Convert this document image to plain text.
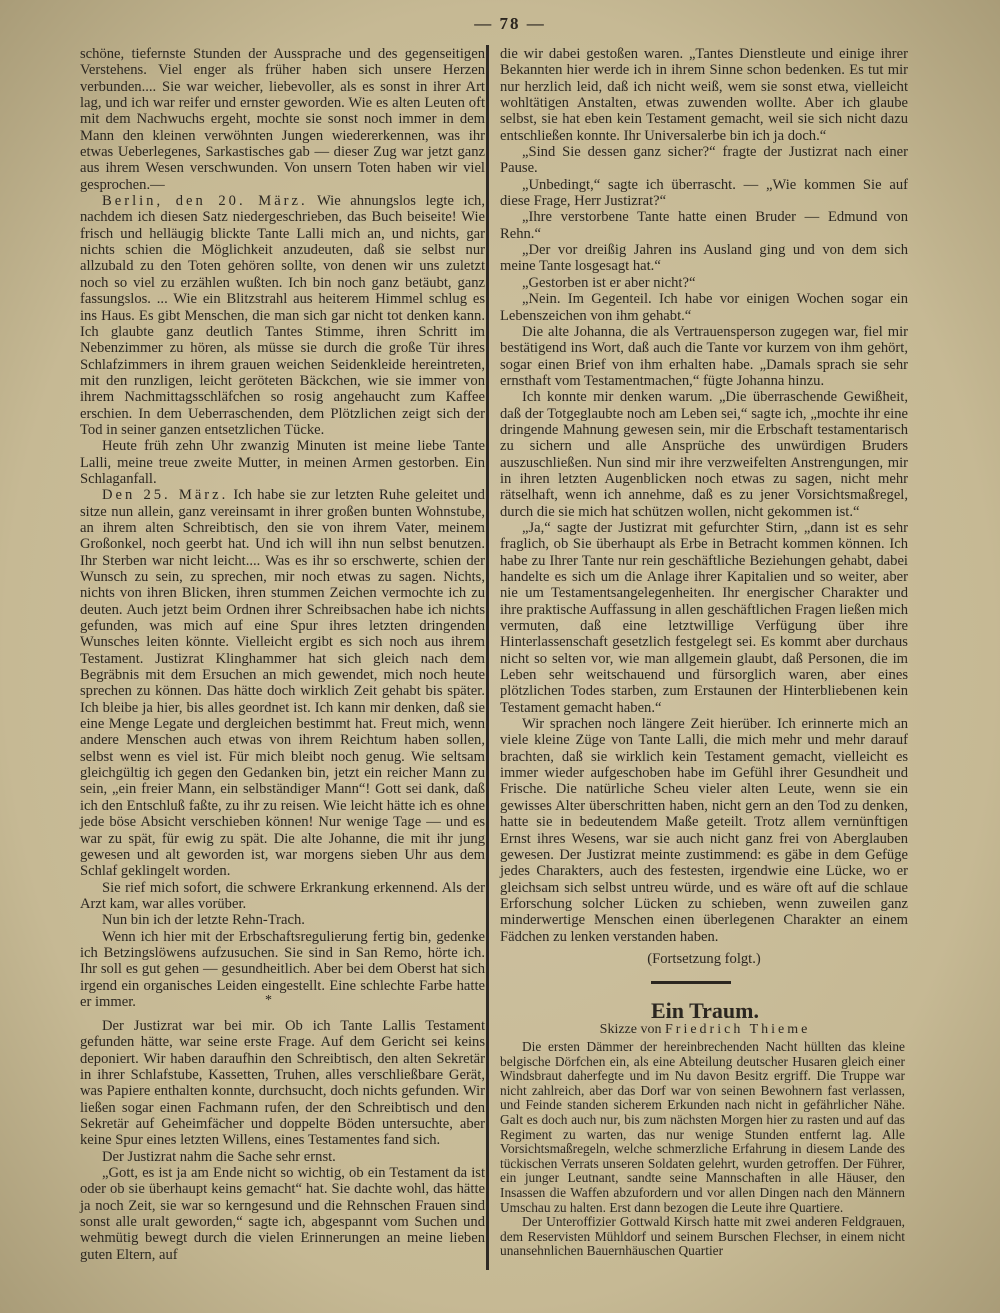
— 78 —

schöne, tiefernste Stunden der Aussprache und des gegenseitigen Verstehens. Viel enger als früher haben sich unsere Herzen verbunden.... Sie war weicher, liebevoller, als es sonst in ihrer Art lag, und ich war reifer und ernster geworden. Wie es alten Leuten oft mit dem Nachwuchs ergeht, mochte sie sonst noch immer in dem Mann den kleinen verwöhnten Jungen wiedererkennen, was ihr etwas Ueberlegenes, Sarkastisches gab — dieser Zug war jetzt ganz aus ihrem Wesen verschwunden. Von unsern Toten haben wir viel gesprochen.—

Berlin, den 20. März. Wie ahnungslos legte ich, nachdem ich diesen Satz niedergeschrieben, das Buch beiseite! Wie frisch und helläugig blickte Tante Lalli mich an, und nichts, gar nichts schien die Möglichkeit anzudeuten, daß sie selbst nur allzubald zu den Toten gehören sollte, von denen wir uns zuletzt noch so viel zu erzählen wußten. Ich bin noch ganz betäubt, ganz fassungslos. ... Wie ein Blitzstrahl aus heiterem Himmel schlug es ins Haus. Es gibt Menschen, die man sich gar nicht tot denken kann. Ich glaubte ganz deutlich Tantes Stimme, ihren Schritt im Nebenzimmer zu hören, als müsse sie durch die große Tür ihres Schlafzimmers in ihrem grauen weichen Seidenkleide hereintreten, mit den runzligen, leicht geröteten Bäckchen, wie sie immer von ihrem Nachmittagsschläfchen so rosig angehaucht zum Kaffee erschien. In dem Ueberraschenden, dem Plötzlichen zeigt sich der Tod in seiner ganzen entsetzlichen Tücke.

Heute früh zehn Uhr zwanzig Minuten ist meine liebe Tante Lalli, meine treue zweite Mutter, in meinen Armen gestorben. Ein Schlaganfall.

Den 25. März. Ich habe sie zur letzten Ruhe geleitet und sitze nun allein, ganz vereinsamt in ihrer großen bunten Wohnstube, an ihrem alten Schreibtisch, den sie von ihrem Vater, meinem Großonkel, noch geerbt hat. Und ich will ihn nun selbst benutzen. Ihr Sterben war nicht leicht.... Was es ihr so erschwerte, schien der Wunsch zu sein, zu sprechen, mir noch etwas zu sagen. Nichts, nichts von ihren Blicken, ihren stummen Zeichen vermochte ich zu deuten. Auch jetzt beim Ordnen ihrer Schreibsachen habe ich nichts gefunden, was mich auf eine Spur ihres letzten dringenden Wunsches leiten könnte. Vielleicht ergibt es sich noch aus ihrem Testament. Justizrat Klinghammer hat sich gleich nach dem Begräbnis mit dem Ersuchen an mich gewendet, mich noch heute sprechen zu können. Das hätte doch wirklich Zeit gehabt bis später. Ich bleibe ja hier, bis alles geordnet ist. Ich kann mir denken, daß sie eine Menge Legate und dergleichen bestimmt hat. Freut mich, wenn andere Menschen auch etwas von ihrem Reichtum haben sollen, selbst wenn es viel ist. Für mich bleibt noch genug. Wie seltsam gleichgültig ich gegen den Gedanken bin, jetzt ein reicher Mann zu sein, „ein freier Mann, ein selbständiger Mann“! Gott sei dank, daß ich den Entschluß faßte, zu ihr zu reisen. Wie leicht hätte ich es ohne jede böse Absicht verschieben können! Nur wenige Tage — und es war zu spät, für ewig zu spät. Die alte Johanne, die mit ihr jung gewesen und alt geworden ist, war morgens sieben Uhr aus dem Schlaf geklingelt worden.

Sie rief mich sofort, die schwere Erkrankung erkennend. Als der Arzt kam, war alles vorüber.

Nun bin ich der letzte Rehn-Trach.

Wenn ich hier mit der Erbschaftsregulierung fertig bin, gedenke ich Betzingslöwens aufzusuchen. Sie sind in San Remo, hörte ich. Ihr soll es gut gehen — gesundheitlich. Aber bei dem Oberst hat sich irgend ein organisches Leiden eingestellt. Eine schlechte Farbe hatte er immer.	*

Der Justizrat war bei mir. Ob ich Tante Lallis Testament gefunden hätte, war seine erste Frage. Auf dem Gericht sei keins deponiert. Wir haben daraufhin den Schreibtisch, den alten Sekretär in ihrer Schlafstube, Kassetten, Truhen, alles verschließbare Gerät, was Papiere enthalten konnte, durchsucht, doch nichts gefunden. Wir ließen sogar einen Fachmann rufen, der den Schreibtisch und den Sekretär auf Geheimfächer und doppelte Böden untersuchte, aber keine Spur eines letzten Willens, eines Testamentes fand sich.

Der Justizrat nahm die Sache sehr ernst.

„Gott, es ist ja am Ende nicht so wichtig, ob ein Testament da ist oder ob sie überhaupt keins gemacht“ hat. Sie dachte wohl, das hätte ja noch Zeit, sie war so kerngesund und die Rehnschen Frauen sind sonst alle uralt geworden,“ sagte ich, abgespannt vom Suchen und wehmütig bewegt durch die vielen Erinnerungen an meine lieben guten Eltern, auf

die wir dabei gestoßen waren. „Tantes Dienstleute und einige ihrer Bekannten hier werde ich in ihrem Sinne schon bedenken. Es tut mir nur herzlich leid, daß ich nicht weiß, wem sie sonst etwa, vielleicht wohltätigen Anstalten, etwas zuwenden wollte. Aber ich glaube selbst, sie hat eben kein Testament gemacht, weil sie sich nicht dazu entschließen konnte. Ihr Universalerbe bin ich ja doch.“

„Sind Sie dessen ganz sicher?“ fragte der Justizrat nach einer Pause.

„Unbedingt,“ sagte ich überrascht. — „Wie kommen Sie auf diese Frage, Herr Justizrat?“

„Ihre verstorbene Tante hatte einen Bruder — Edmund von Rehn.“

„Der vor dreißig Jahren ins Ausland ging und von dem sich meine Tante losgesagt hat.“

„Gestorben ist er aber nicht?“

„Nein. Im Gegenteil. Ich habe vor einigen Wochen sogar ein Lebenszeichen von ihm gehabt.“

Die alte Johanna, die als Vertrauensperson zugegen war, fiel mir bestätigend ins Wort, daß auch die Tante vor kurzem von ihm gehört, sogar einen Brief von ihm erhalten habe. „Damals sprach sie sehr ernsthaft vom Testamentmachen,“ fügte Johanna hinzu.

Ich konnte mir denken warum. „Die überraschende Gewißheit, daß der Totgeglaubte noch am Leben sei,“ sagte ich, „mochte ihr eine dringende Mahnung gewesen sein, mir die Erbschaft testamentarisch zu sichern und alle Ansprüche des unwürdigen Bruders auszuschließen. Nun sind mir ihre verzweifelten Anstrengungen, mir in ihren letzten Augenblicken noch etwas zu sagen, nicht mehr rätselhaft, wenn ich annehme, daß es zu jener Vorsichtsmaßregel, durch die sie mich hat schützen wollen, nicht gekommen ist.“

„Ja,“ sagte der Justizrat mit gefurchter Stirn, „dann ist es sehr fraglich, ob Sie überhaupt als Erbe in Betracht kommen können. Ich habe zu Ihrer Tante nur rein geschäftliche Beziehungen gehabt, dabei handelte es sich um die Anlage ihrer Kapitalien und so weiter, aber nie um Testamentsangelegenheiten. Ihr energischer Charakter und ihre praktische Auffassung in allen geschäftlichen Fragen ließen mich vermuten, daß eine letztwillige Verfügung über ihre Hinterlassenschaft gesetzlich festgelegt sei. Es kommt aber durchaus nicht so selten vor, wie man allgemein glaubt, daß Personen, die im Leben sehr weitschauend und fürsorglich waren, aber eines plötzlichen Todes starben, zum Erstaunen der Hinterbliebenen kein Testament gemacht haben.“

Wir sprachen noch längere Zeit hierüber. Ich erinnerte mich an viele kleine Züge von Tante Lalli, die mich mehr und mehr darauf brachten, daß sie wirklich kein Testament gemacht, vielleicht es immer wieder aufgeschoben habe im Gefühl ihrer Gesundheit und Frische. Die natürliche Scheu vieler alten Leute, wenn sie ein gewisses Alter überschritten haben, nicht gern an den Tod zu denken, hatte sie in bedeutendem Maße geteilt. Trotz allem vernünftigen Ernst ihres Wesens, war sie auch nicht ganz frei von Aberglauben gewesen. Der Justizrat meinte zustimmend: es gäbe in dem Gefüge jedes Charakters, auch des festesten, irgendwie eine Lücke, wo er gleichsam sich selbst untreu würde, und es wäre oft auf die schlaue Erforschung solcher Lücken zu schieben, wenn zuweilen ganz minderwertige Menschen einen überlegenen Charakter an einem Fädchen zu lenken verstanden haben.

(Fortsetzung folgt.)

Ein Traum.
Skizze von Friedrich Thieme

Die ersten Dämmer der hereinbrechenden Nacht hüllten das kleine belgische Dörfchen ein, als eine Abteilung deutscher Husaren gleich einer Windsbraut daherfegte und im Nu davon Besitz ergriff. Die Truppe war nicht zahlreich, aber das Dorf war von seinen Bewohnern fast verlassen, und Feinde standen sicherem Erkunden nach nicht in gefährlicher Nähe. Galt es doch auch nur, bis zum nächsten Morgen hier zu rasten und auf das Regiment zu warten, das nur wenige Stunden entfernt lag. Alle Vorsichtsmaßregeln, welche schmerzliche Erfahrung in diesem Lande des tückischen Verrats unseren Soldaten gelehrt, wurden getroffen. Der Führer, ein junger Leutnant, sandte seine Mannschaften in alle Häuser, den Insassen die Waffen abzufordern und vor allen Dingen nach den Männern Umschau zu halten. Erst dann bezogen die Leute ihre Quartiere.

Der Unteroffizier Gottwald Kirsch hatte mit zwei anderen Feldgrauen, dem Reservisten Mühldorf und seinem Burschen Flechser, in einem nicht unansehnlichen Bauernhäuschen Quartier
